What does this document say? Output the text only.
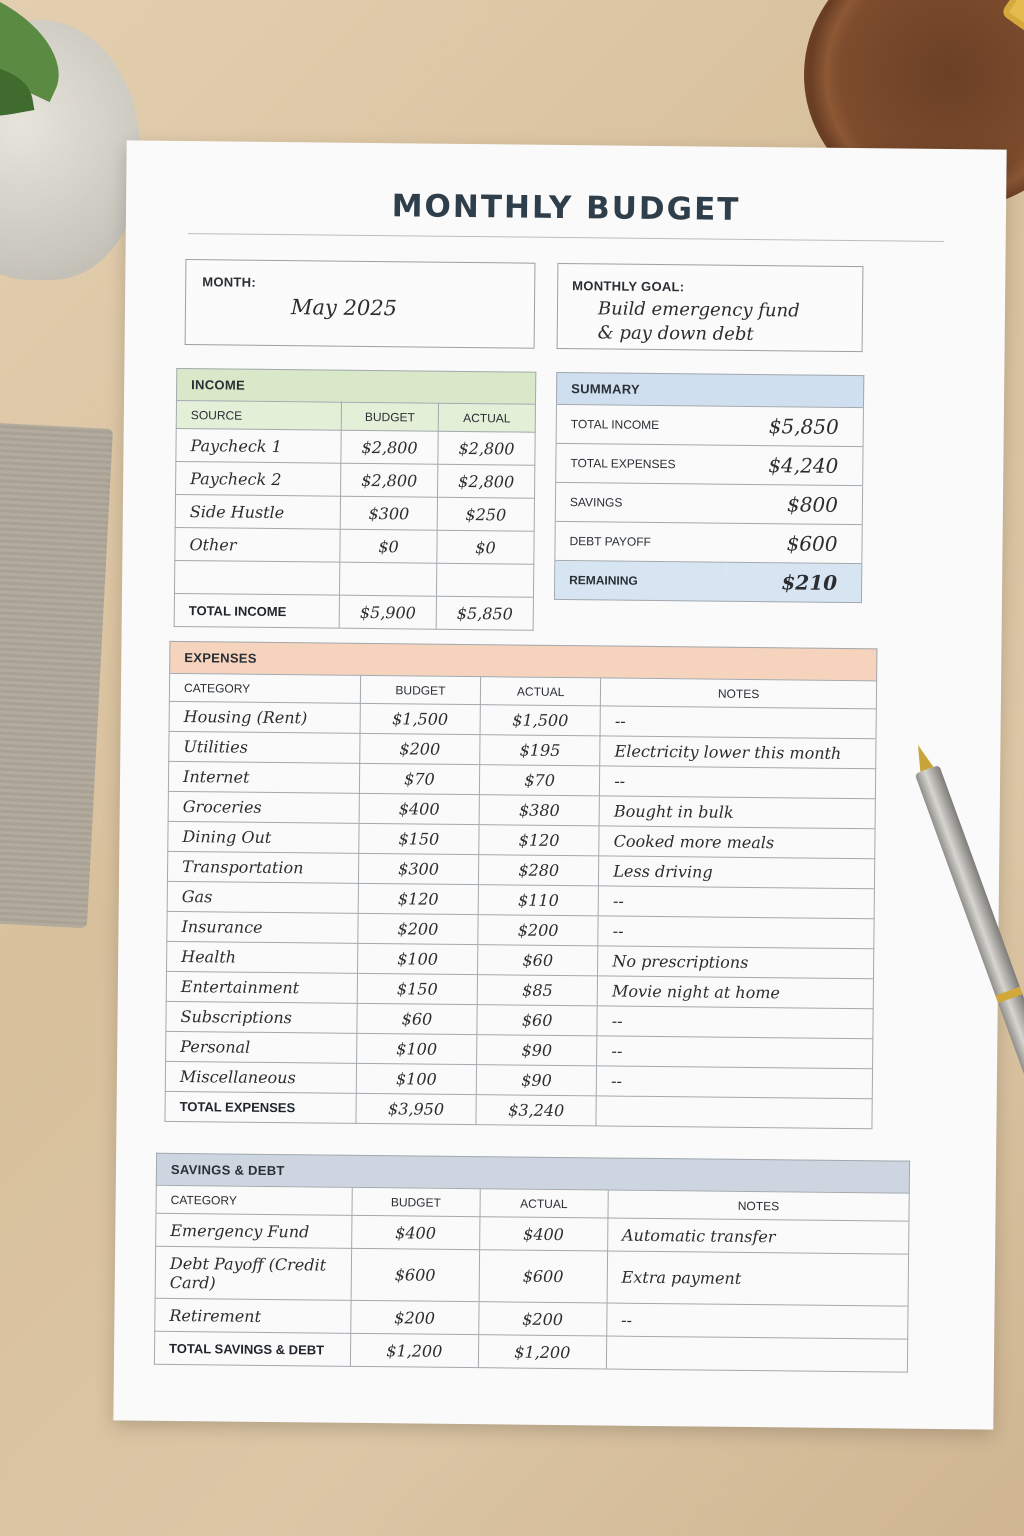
MONTHLY BUDGET
MONTH:
May 2025
MONTHLY GOAL:
Build emergency fund
& pay down debt
INCOME
SOURCE	BUDGET	ACTUAL
Paycheck 1	$2,800	$2,800
Paycheck 2	$2,800	$2,800
Side Hustle	$300	$250
Other	$0	$0

TOTAL INCOME	$5,900	$5,850
SUMMARY
TOTAL INCOME	$5,850
TOTAL EXPENSES	$4,240
SAVINGS	$800
DEBT PAYOFF	$600
REMAINING	$210
EXPENSES
CATEGORY	BUDGET	ACTUAL	NOTES
Housing (Rent)	$1,500	$1,500	--
Utilities	$200	$195	Electricity lower this month
Internet	$70	$70	--
Groceries	$400	$380	Bought in bulk
Dining Out	$150	$120	Cooked more meals
Transportation	$300	$280	Less driving
Gas	$120	$110	--
Insurance	$200	$200	--
Health	$100	$60	No prescriptions
Entertainment	$150	$85	Movie night at home
Subscriptions	$60	$60	--
Personal	$100	$90	--
Miscellaneous	$100	$90	--
TOTAL EXPENSES	$3,950	$3,240	
SAVINGS & DEBT
CATEGORY	BUDGET	ACTUAL	NOTES
Emergency Fund	$400	$400	Automatic transfer
Debt Payoff (Credit Card)	$600	$600	Extra payment
Retirement	$200	$200	--
TOTAL SAVINGS & DEBT	$1,200	$1,200	
